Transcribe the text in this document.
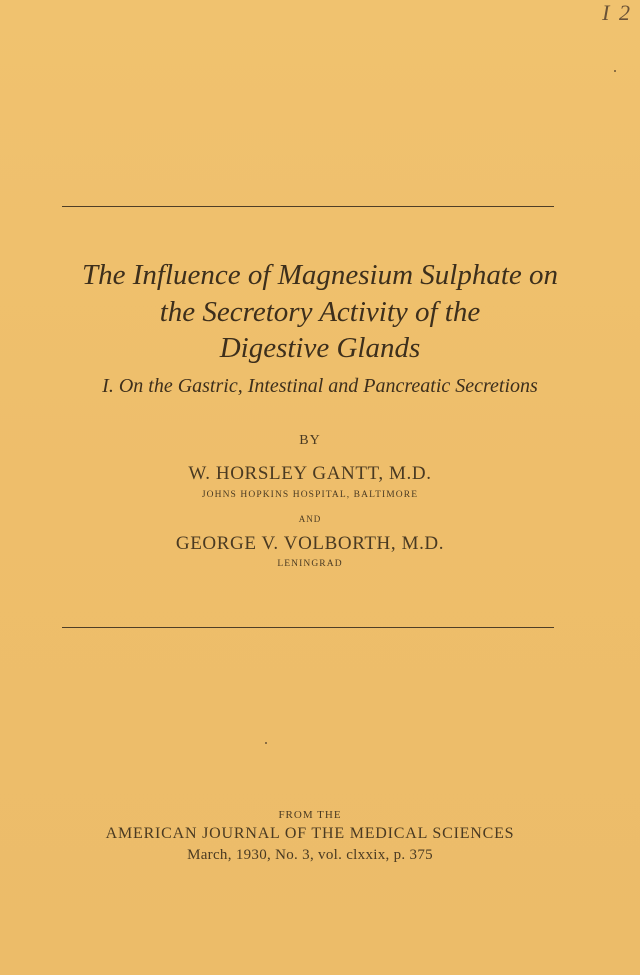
I 2
The Influence of Magnesium Sulphate on
the Secretory Activity of the
Digestive Glands
I. On the Gastric, Intestinal and Pancreatic Secretions
BY
W. HORSLEY GANTT, M.D.
JOHNS HOPKINS HOSPITAL, BALTIMORE
AND
GEORGE V. VOLBORTH, M.D.
LENINGRAD
FROM THE
AMERICAN JOURNAL OF THE MEDICAL SCIENCES
March, 1930, No. 3, vol. clxxix, p. 375
